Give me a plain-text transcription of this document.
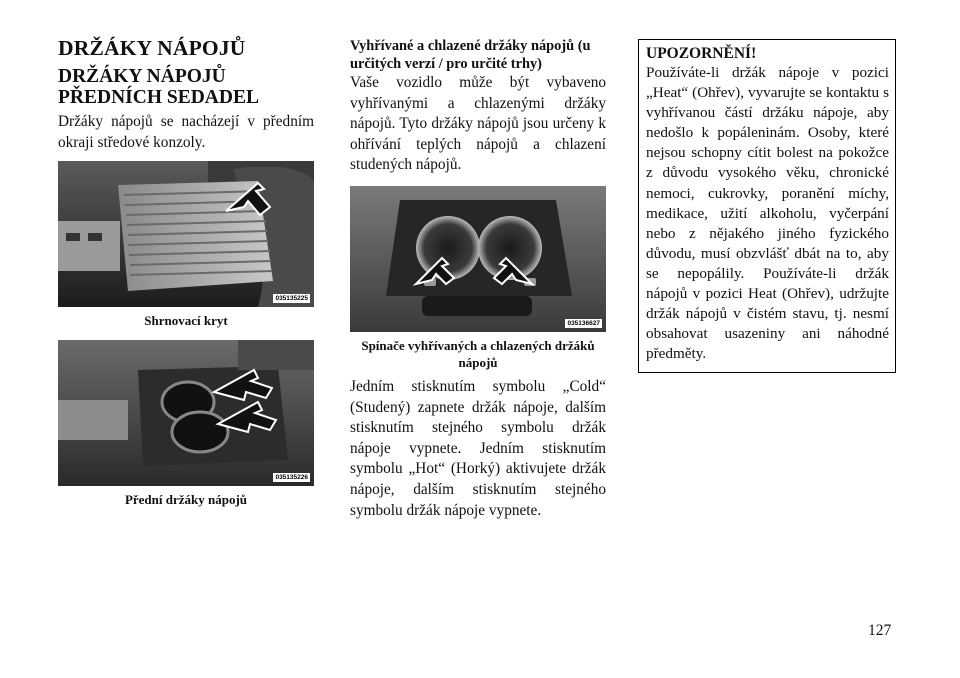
DRŽÁKY NÁPOJŮ
DRŽÁKY NÁPOJŮ PŘEDNÍCH SEDADEL

Držáky nápojů se nacházejí v předním okraji středové konzoly.

035135225
Shrnovací kryt
035135226
Přední držáky nápojů
Vyhřívané a chlazené držáky nápojů (u určitých verzí / pro určité trhy)

Vaše vozidlo může být vybaveno vyhřívanými a chlazenými držáky nápojů. Tyto držáky nápojů jsou určeny k ohřívání teplých nápojů a chlazení studených nápojů.

035136627
Spínače vyhřívaných a chlazených držáků nápojů

Jedním stisknutím symbolu „Cold“ (Studený) zapnete držák nápoje, dalším stisknutím stejného symbolu držák nápoje vypnete. Jedním stisknutím symbolu „Hot“ (Horký) aktivujete držák nápoje, dalším stisknutím stejného symbolu držák nápoje vypnete.

UPOZORNĚNÍ!

Používáte-li držák nápoje v pozici „Heat“ (Ohřev), vyvarujte se kontaktu s vyhřívanou částí držáku nápoje, aby nedošlo k popáleninám. Osoby, které nejsou schopny cítit bolest na pokožce z důvodu vysokého věku, chronické nemoci, cukrovky, poranění míchy, medikace, užití alkoholu, vyčerpání nebo z nějakého jiného fyzického důvodu, musí obzvlášť dbát na to, aby se nepopálily. Používáte-li držák nápojů v pozici Heat (Ohřev), udržujte držák nápojů v čistém stavu, tj. nesmí obsahovat usazeniny ani náhodné předměty.

127
